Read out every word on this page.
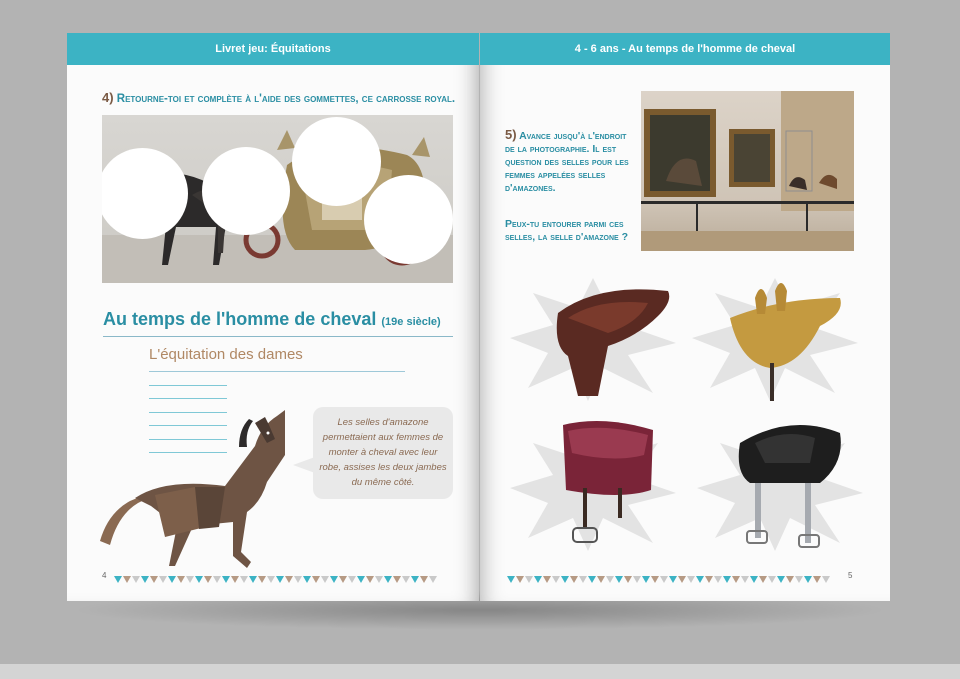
Livret jeu: Équitations
4) Retourne-toi et complète à l'aide des gommettes, ce carrosse royal.
Au temps de l'homme de cheval (19e siècle)
L'équitation des dames
Les selles d'amazone permettaient aux femmes de monter à cheval avec leur robe, assises les deux jambes du même côté.
4
4 - 6 ans - Au temps de l'homme de cheval
5) Avance jusqu'à l'endroit de la photographie. Il est question des selles pour les femmes appelées selles d'amazones.
Peux-tu entourer parmi ces selles, la selle d'amazone ?
5
